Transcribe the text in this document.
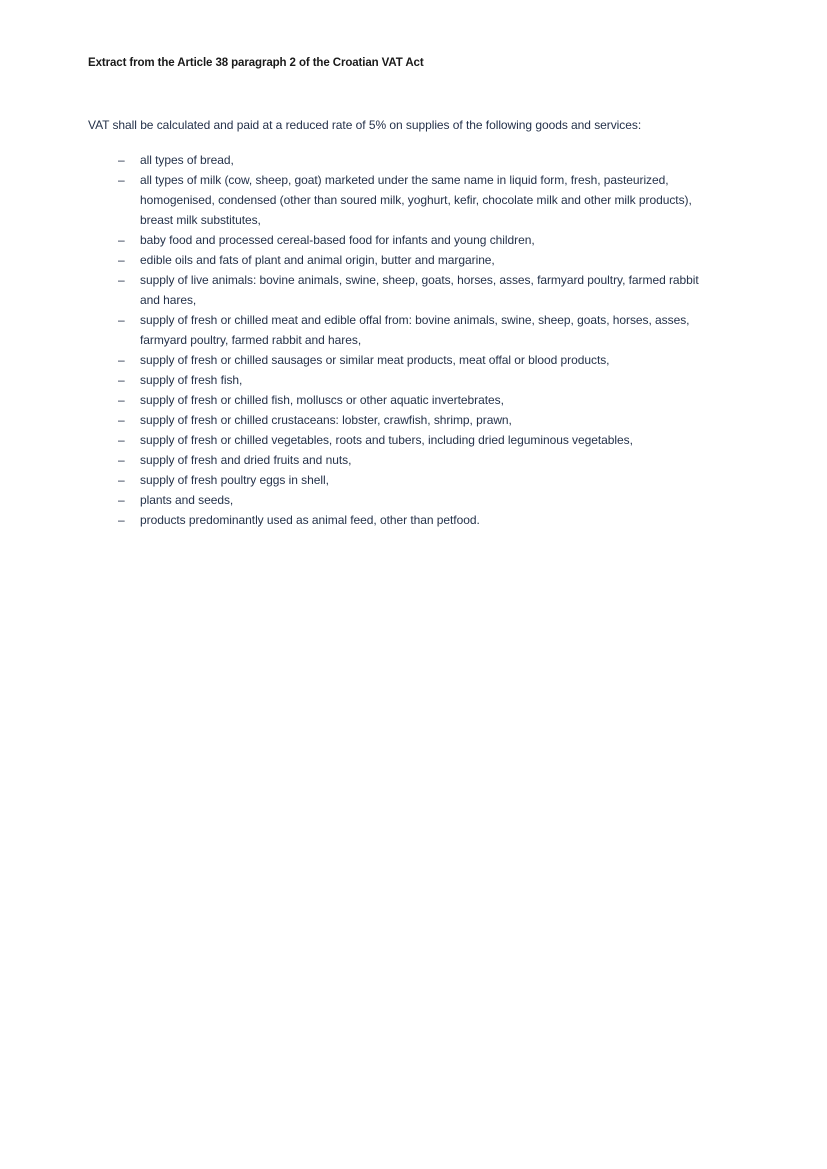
Extract from the Article 38 paragraph 2 of the Croatian VAT Act

VAT shall be calculated and paid at a reduced rate of 5% on supplies of the following goods and services:

– all types of bread,
– all types of milk (cow, sheep, goat) marketed under the same name in liquid form, fresh, pasteurized, homogenised, condensed (other than soured milk, yoghurt, kefir, chocolate milk and other milk products), breast milk substitutes,
– baby food and processed cereal-based food for infants and young children,
– edible oils and fats of plant and animal origin, butter and margarine,
– supply of live animals: bovine animals, swine, sheep, goats, horses, asses, farmyard poultry, farmed rabbit and hares,
– supply of fresh or chilled meat and edible offal from: bovine animals, swine, sheep, goats, horses, asses, farmyard poultry, farmed rabbit and hares,
– supply of fresh or chilled sausages or similar meat products, meat offal or blood products,
– supply of fresh fish,
– supply of fresh or chilled fish, molluscs or other aquatic invertebrates,
– supply of fresh or chilled crustaceans: lobster, crawfish, shrimp, prawn,
– supply of fresh or chilled vegetables, roots and tubers, including dried leguminous vegetables,
– supply of fresh and dried fruits and nuts,
– supply of fresh poultry eggs in shell,
– plants and seeds,
– products predominantly used as animal feed, other than petfood.
